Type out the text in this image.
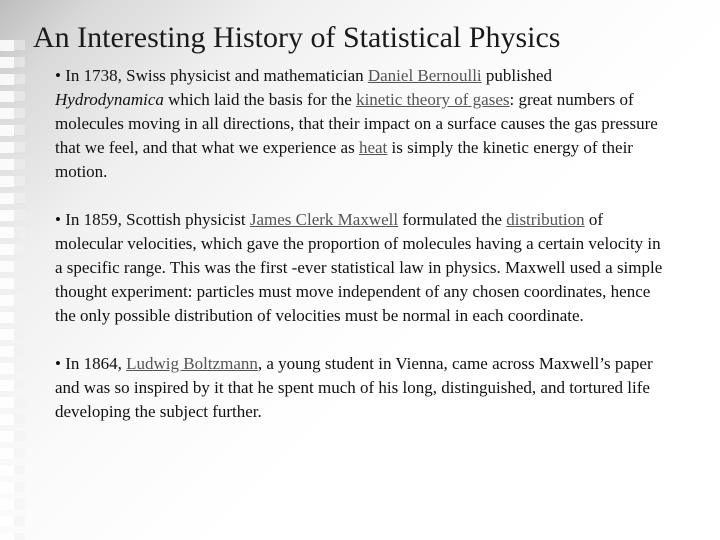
An Interesting History of Statistical Physics

• In 1738, Swiss physicist and mathematician Daniel Bernoulli published Hydrodynamica which laid the basis for the kinetic theory of gases: great numbers of molecules moving in all directions, that their impact on a surface causes the gas pressure that we feel, and that what we experience as heat is simply the kinetic energy of their motion.

• In 1859, Scottish physicist James Clerk Maxwell formulated the distribution of molecular velocities, which gave the proportion of molecules having a certain velocity in a specific range. This was the first -ever statistical law in physics. Maxwell used a simple thought experiment: particles must move independent of any chosen coordinates, hence the only possible distribution of velocities must be normal in each coordinate.

• In 1864, Ludwig Boltzmann, a young student in Vienna, came across Maxwell’s paper and was so inspired by it that he spent much of his long, distinguished, and tortured life developing the subject further.
